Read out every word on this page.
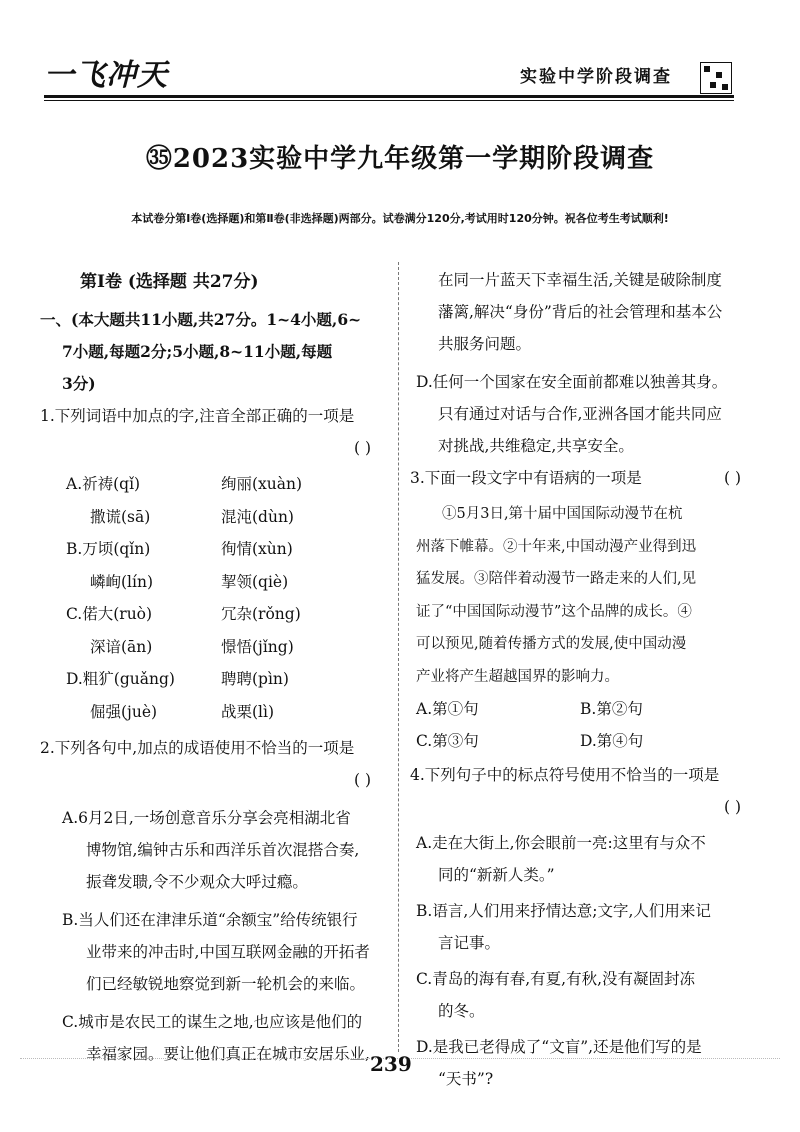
一飞冲天	实验中学阶段调查
㉟2023实验中学九年级第一学期阶段调查
本试卷分第Ⅰ卷(选择题)和第Ⅱ卷(非选择题)两部分。试卷满分120分,考试用时120分钟。祝各位考生考试顺利!

第Ⅰ卷 (选择题 共27分)

一、(本大题共11小题,共27分。1~4小题,6~

7小题,每题2分;5小题,8~11小题,每题

3分)

1.下列词语中加点的字,注音全部正确的一项是

( )

A.祈祷(qǐ)	绚丽(xuàn)
撒谎(sā)	混沌(dùn)
B.万顷(qǐn)	徇情(xùn)
嶙峋(lín)	挈领(qiè)
C.偌大(ruò)	冗杂(rǒng)
深谙(ān)	憬悟(jǐng)
D.粗犷(guǎng)	聘聘(pìn)
倔强(juè)	战栗(lì)

2.下列各句中,加点的成语使用不恰当的一项是

( )

A.6月2日,一场创意音乐分享会亮相湖北省

博物馆,编钟古乐和西洋乐首次混搭合奏,

振聋发聩,令不少观众大呼过瘾。

B.当人们还在津津乐道“余额宝”给传统银行

业带来的冲击时,中国互联网金融的开拓者

们已经敏锐地察觉到新一轮机会的来临。

C.城市是农民工的谋生之地,也应该是他们的

幸福家园。要让他们真正在城市安居乐业,

在同一片蓝天下幸福生活,关键是破除制度

藩篱,解决“身份”背后的社会管理和基本公

共服务问题。

D.任何一个国家在安全面前都难以独善其身。

只有通过对话与合作,亚洲各国才能共同应

对挑战,共维稳定,共享安全。

3.下面一段文字中有语病的一项是	( )

①5月3日,第十届中国国际动漫节在杭

州落下帷幕。②十年来,中国动漫产业得到迅

猛发展。③陪伴着动漫节一路走来的人们,见

证了“中国国际动漫节”这个品牌的成长。④

可以预见,随着传播方式的发展,使中国动漫

产业将产生超越国界的影响力。

A.第①句	B.第②句
C.第③句	D.第④句

4.下列句子中的标点符号使用不恰当的一项是

( )

A.走在大街上,你会眼前一亮:这里有与众不

同的“新新人类。”

B.语言,人们用来抒情达意;文字,人们用来记

言记事。

C.青岛的海有春,有夏,有秋,没有凝固封冻

的冬。

D.是我已老得成了“文盲”,还是他们写的是

“天书”?

239
